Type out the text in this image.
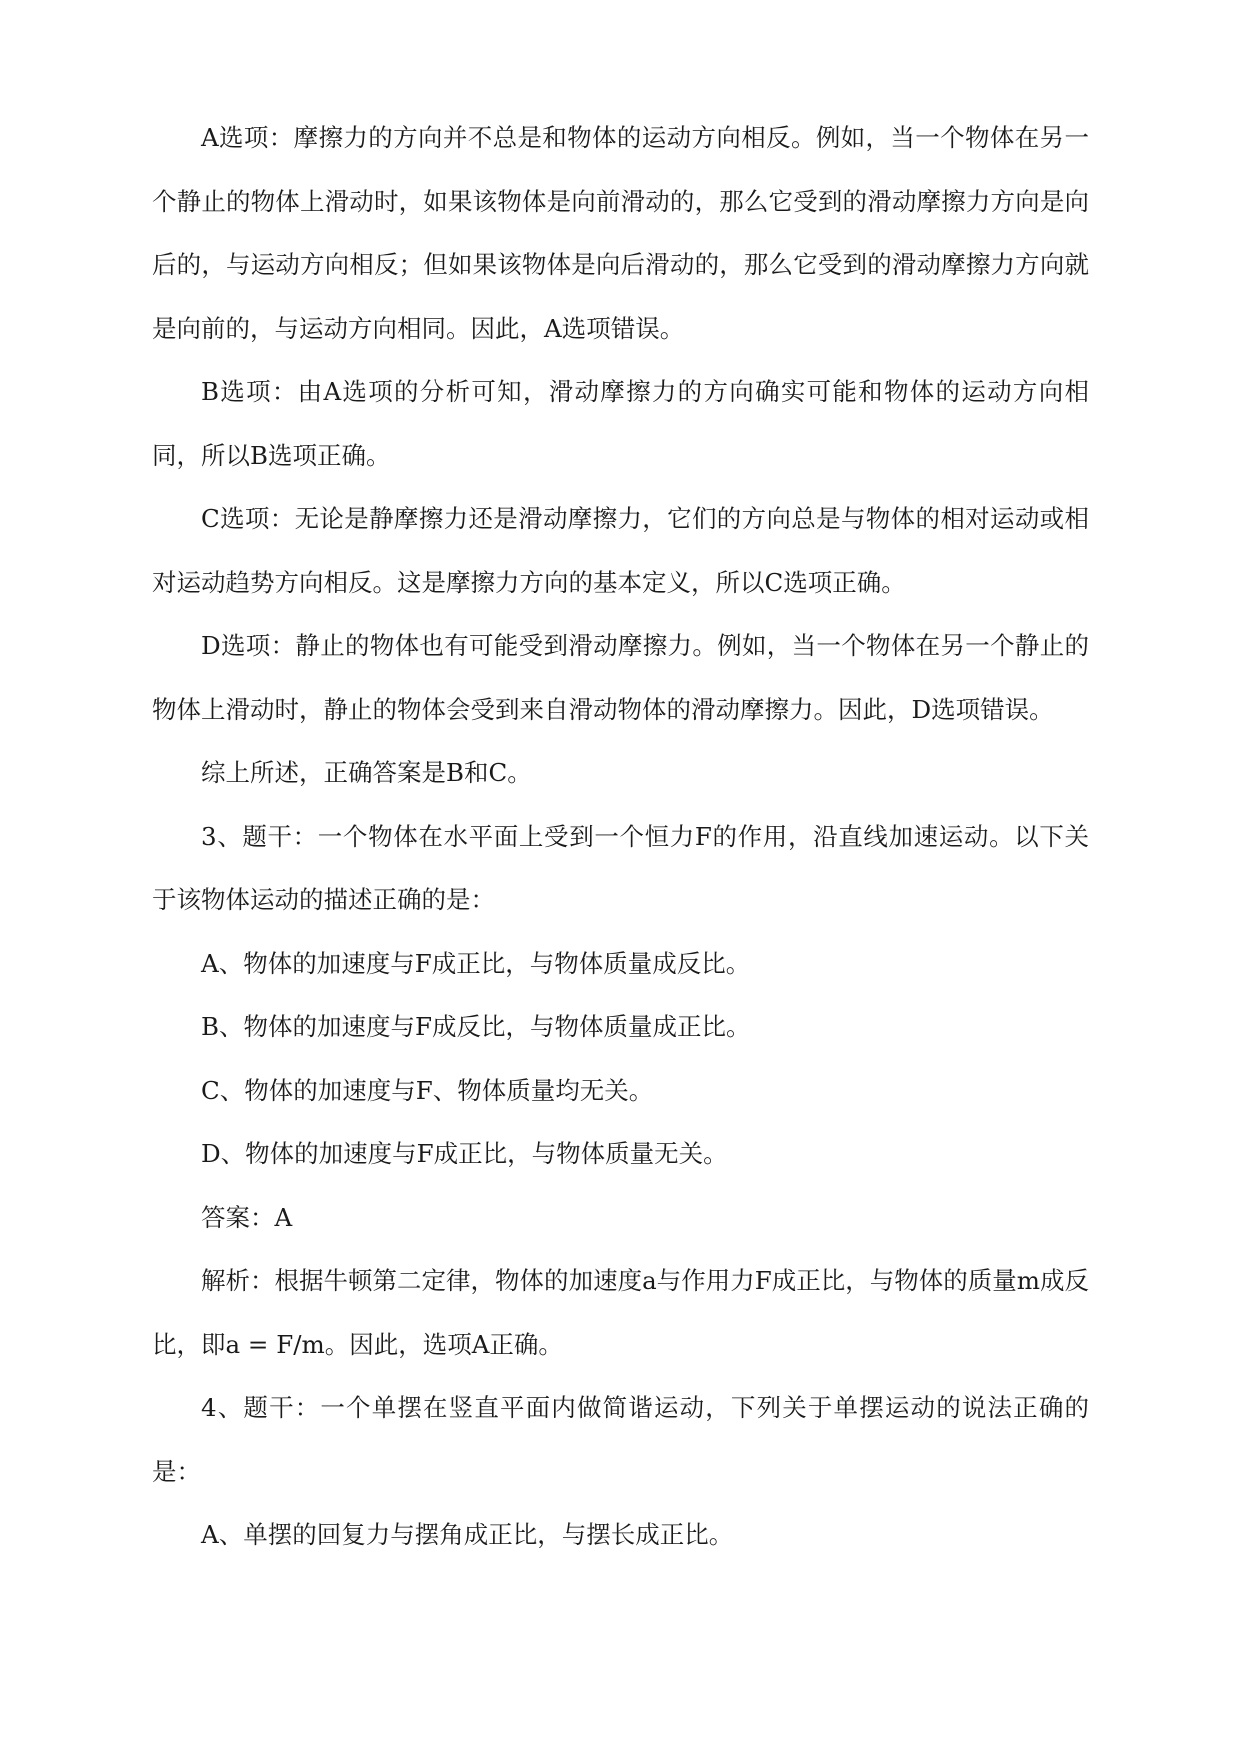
A选项：摩擦力的方向并不总是和物体的运动方向相反。例如，当一个物体在另一个静止的物体上滑动时，如果该物体是向前滑动的，那么它受到的滑动摩擦力方向是向后的，与运动方向相反；但如果该物体是向后滑动的，那么它受到的滑动摩擦力方向就是向前的，与运动方向相同。因此，A选项错误。

B选项：由A选项的分析可知，滑动摩擦力的方向确实可能和物体的运动方向相同，所以B选项正确。

C选项：无论是静摩擦力还是滑动摩擦力，它们的方向总是与物体的相对运动或相对运动趋势方向相反。这是摩擦力方向的基本定义，所以C选项正确。

D选项：静止的物体也有可能受到滑动摩擦力。例如，当一个物体在另一个静止的物体上滑动时，静止的物体会受到来自滑动物体的滑动摩擦力。因此，D选项错误。

综上所述，正确答案是B和C。

3、题干：一个物体在水平面上受到一个恒力F的作用，沿直线加速运动。以下关于该物体运动的描述正确的是：

A、物体的加速度与F成正比，与物体质量成反比。

B、物体的加速度与F成反比，与物体质量成正比。

C、物体的加速度与F、物体质量均无关。

D、物体的加速度与F成正比，与物体质量无关。

答案：A

解析：根据牛顿第二定律，物体的加速度a与作用力F成正比，与物体的质量m成反比，即a = F/m。因此，选项A正确。

4、题干：一个单摆在竖直平面内做简谐运动，下列关于单摆运动的说法正确的是：

A、单摆的回复力与摆角成正比，与摆长成正比。
